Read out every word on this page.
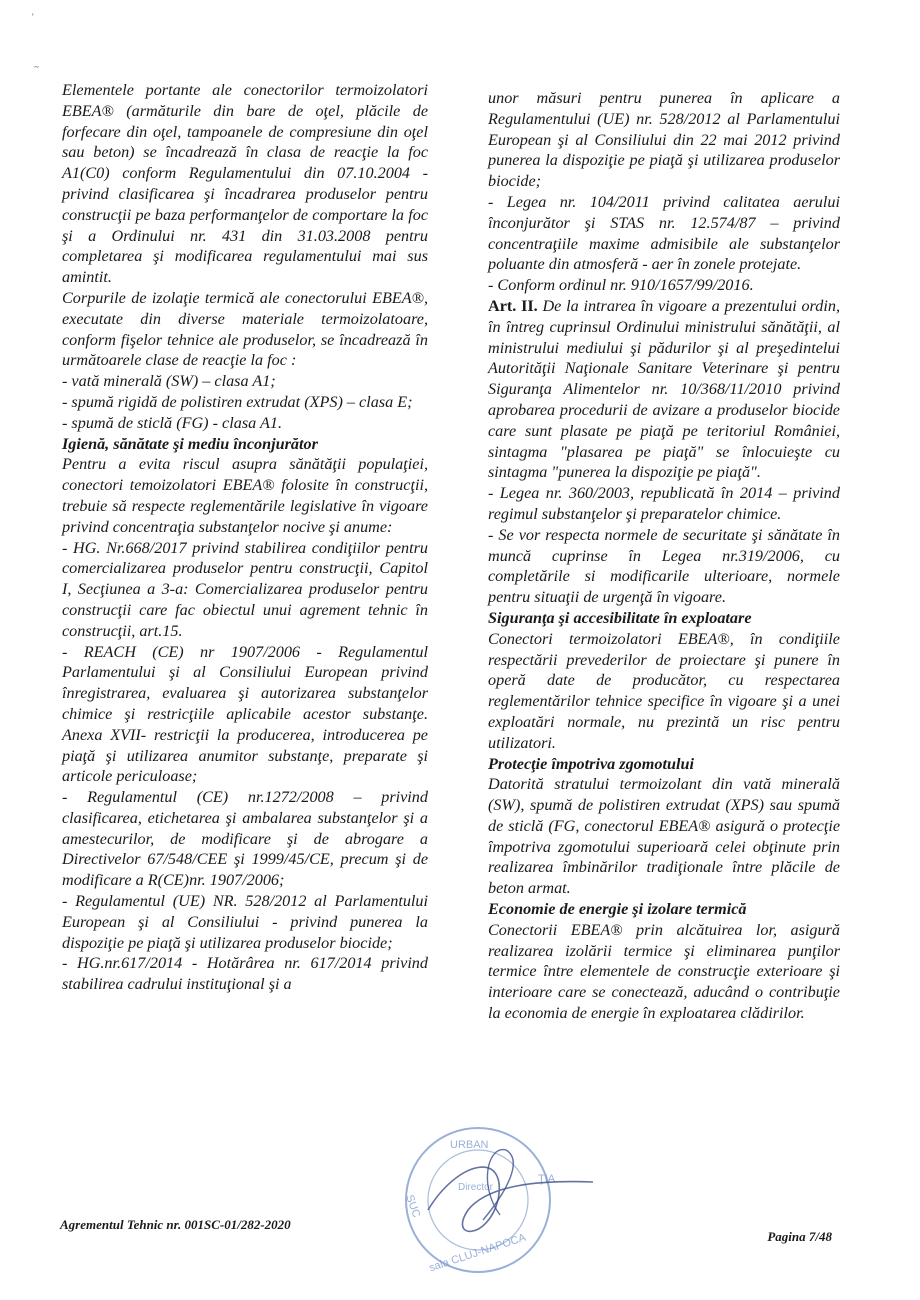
'
~

Elementele portante ale conectorilor termoizolatori EBEA® (armăturile din bare de oţel, plăcile de forfecare din oţel, tampoanele de compresiune din oţel sau beton) se încadrează în clasa de reacţie la foc A1(C0) conform Regulamentului din 07.10.2004 - privind clasificarea şi încadrarea produselor pentru construcţii pe baza performanţelor de comportare la foc şi a Ordinului nr. 431 din 31.03.2008 pentru completarea şi modificarea regulamentului mai sus amintit.

Corpurile de izolaţie termică ale conectorului EBEA®, executate din diverse materiale termoizolatoare, conform fişelor tehnice ale produselor, se încadrează în următoarele clase de reacţie la foc :

- vată minerală (SW) – clasa A1;

- spumă rigidă de polistiren extrudat (XPS) – clasa E;

- spumă de sticlă (FG) - clasa A1.

Igienă, sănătate şi mediu înconjurător

Pentru a evita riscul asupra sănătăţii populaţiei, conectori temoizolatori EBEA® folosite în construcţii, trebuie să respecte reglementările legislative în vigoare privind concentraţia substanţelor nocive şi anume:

- HG. Nr.668/2017 privind stabilirea condiţiilor pentru comercializarea produselor pentru construcţii, Capitol I, Secţiunea a 3-a: Comercializarea produselor pentru construcţii care fac obiectul unui agrement tehnic în construcţii, art.15.

- REACH (CE) nr 1907/2006 - Regulamentul Parlamentului şi al Consiliului European privind înregistrarea, evaluarea şi autorizarea substanţelor chimice şi restricţiile aplicabile acestor substanţe. Anexa XVII- restricţii la producerea, introducerea pe piaţă şi utilizarea anumitor substanţe, preparate şi articole periculoase;

- Regulamentul (CE) nr.1272/2008 – privind clasificarea, etichetarea şi ambalarea substanţelor şi a amestecurilor, de modificare şi de abrogare a Directivelor 67/548/CEE şi 1999/45/CE, precum şi de modificare a R(CE)nr. 1907/2006;

- Regulamentul (UE) NR. 528/2012 al Parlamentului European şi al Consiliului - privind punerea la dispoziţie pe piaţă şi utilizarea produselor biocide;

- HG.nr.617/2014 - Hotărârea nr. 617/2014 privind stabilirea cadrului instituţional şi a

unor măsuri pentru punerea în aplicare a Regulamentului (UE) nr. 528/2012 al Parlamentului European şi al Consiliului din 22 mai 2012 privind punerea la dispoziţie pe piaţă şi utilizarea produselor biocide;

- Legea nr. 104/2011 privind calitatea aerului înconjurător şi STAS nr. 12.574/87 – privind concentraţiile maxime admisibile ale substanţelor poluante din atmosferă - aer în zonele protejate.

- Conform ordinul nr. 910/1657/99/2016.

Art. II. De la intrarea în vigoare a prezentului ordin, în întreg cuprinsul Ordinului ministrului sănătăţii, al ministrului mediului şi pădurilor şi al preşedintelui Autorităţii Naţionale Sanitare Veterinare şi pentru Siguranţa Alimentelor nr. 10/368/11/2010 privind aprobarea procedurii de avizare a produselor biocide care sunt plasate pe piaţă pe teritoriul României, sintagma "plasarea pe piaţă" se înlocuieşte cu sintagma "punerea la dispoziţie pe piaţă".

- Legea nr. 360/2003, republicată în 2014 – privind regimul substanţelor şi preparatelor chimice.

- Se vor respecta normele de securitate şi sănătate în muncă cuprinse în Legea nr.319/2006, cu completările si modificarile ulterioare, normele pentru situaţii de urgenţă în vigoare.

Siguranţa şi accesibilitate în exploatare

Conectori termoizolatori EBEA®, în condiţiile respectării prevederilor de proiectare şi punere în operă date de producător, cu respectarea reglementărilor tehnice specifice în vigoare şi a unei exploatări normale, nu prezintă un risc pentru utilizatori.

Protecţie împotriva zgomotului

Datorită stratului termoizolant din vată minerală (SW), spumă de polistiren extrudat (XPS) sau spumă de sticlă (FG, conectorul EBEA® asigură o protecţie împotriva zgomotului superioară celei obţinute prin realizarea îmbinărilor tradiţionale între plăcile de beton armat.

Economie de energie şi izolare termică

Conectorii EBEA® prin alcătuirea lor, asigură realizarea izolării termice şi eliminarea punţilor termice între elementele de construcţie exterioare şi interioare care se conectează, aducând o contribuţie la economia de energie în exploatarea clădirilor.

Agrementul Tehnic nr. 001SC-01/282-2020
Pagina 7/48
URBAN
ŢIA
SUC
sala CLUJ-NAPOCA
Director
